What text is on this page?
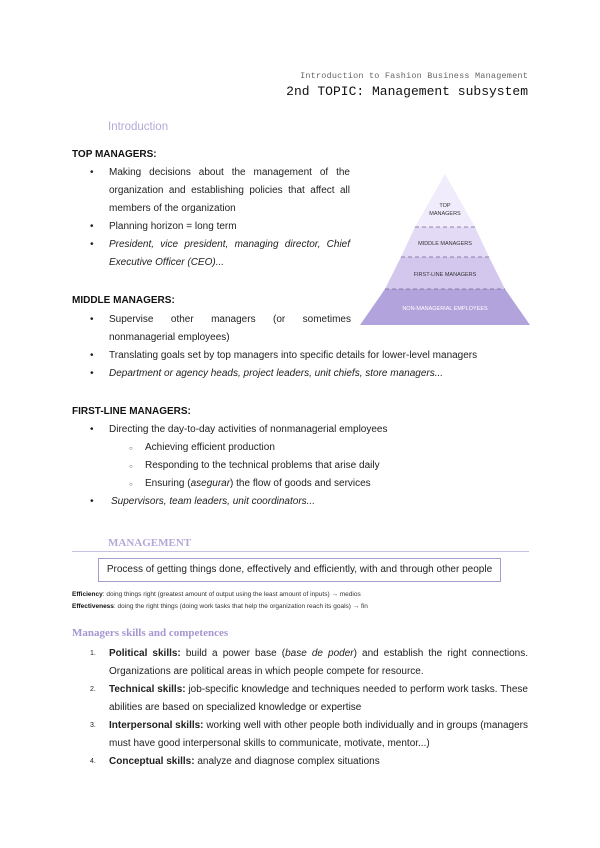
Introduction to Fashion Business Management
2nd TOPIC: Management subsystem
Introduction
TOP MANAGERS:
• Making decisions about the management of the organization and establishing policies that affect all members of the organization
• Planning horizon = long term
• President, vice president, managing director, Chief Executive Officer (CEO)...
TOP
MANAGERS
MIDDLE MANAGERS
FIRST-LINE MANAGERS
NON-MANAGERIAL EMPLOYEES
MIDDLE MANAGERS:
• Supervise other managers (or sometimes nonmanagerial employees)
• Translating goals set by top managers into specific details for lower-level managers
• Department or agency heads, project leaders, unit chiefs, store managers...
FIRST-LINE MANAGERS:
• Directing the day-to-day activities of nonmanagerial employees
○ Achieving efficient production
○ Responding to the technical problems that arise daily
○ Ensuring (asegurar) the flow of goods and services
• Supervisors, team leaders, unit coordinators...
MANAGEMENT
Process of getting things done, effectively and efficiently, with and through other people
Efficiency: doing things right (greatest amount of output using the least amount of inputs) → medios
Effectiveness: doing the right things (doing work tasks that help the organization reach its goals) → fin
Managers skills and competences
1. Political skills: build a power base (base de poder) and establish the right connections. Organizations are political areas in which people compete for resource.
2. Technical skills: job-specific knowledge and techniques needed to perform work tasks. These abilities are based on specialized knowledge or expertise
3. Interpersonal skills: working well with other people both individually and in groups (managers must have good interpersonal skills to communicate, motivate, mentor...)
4. Conceptual skills: analyze and diagnose complex situations
